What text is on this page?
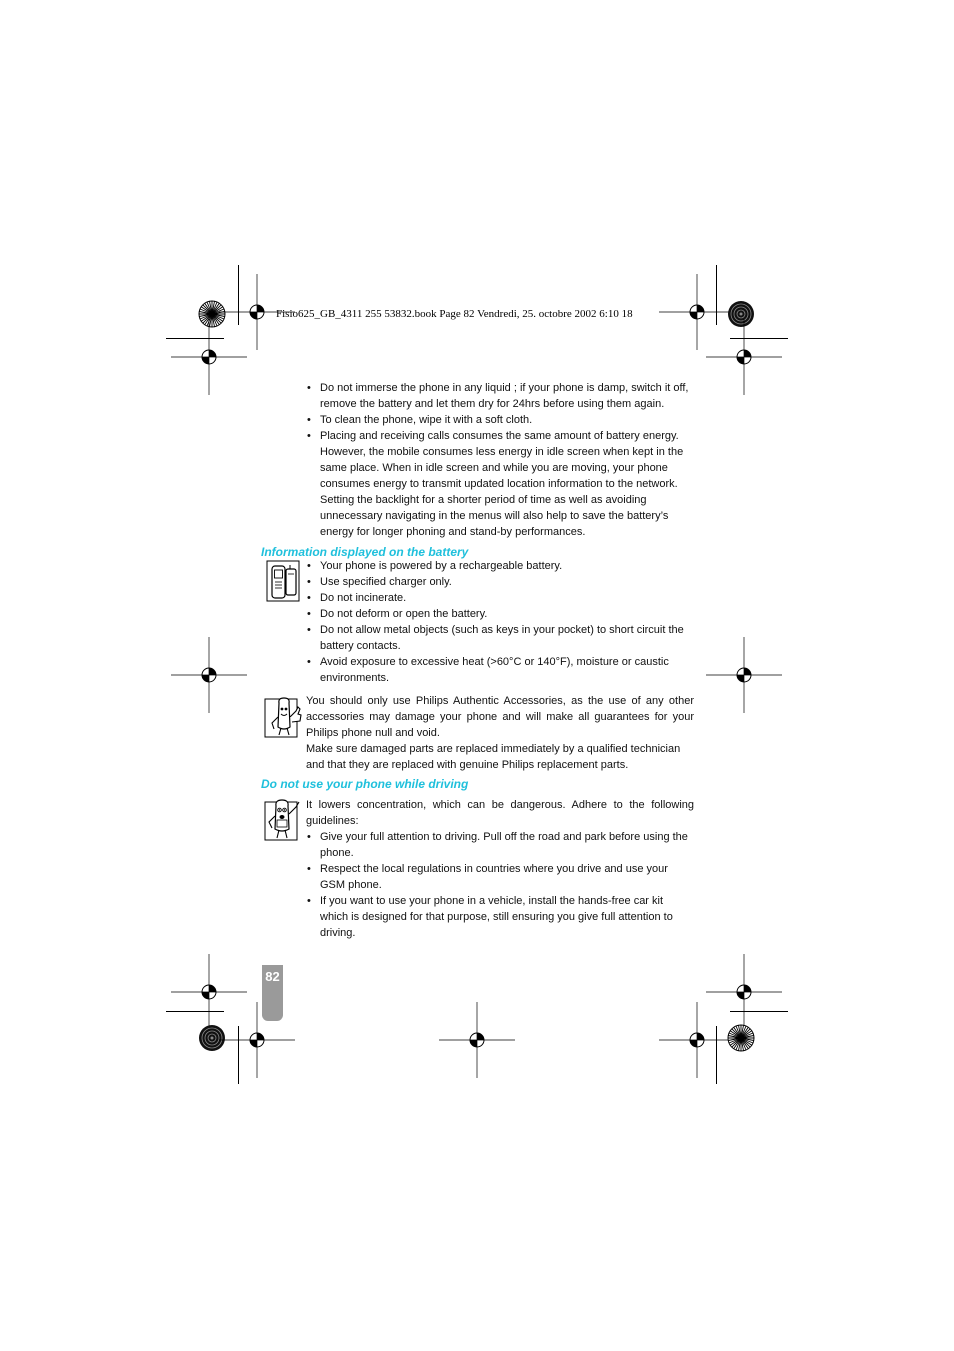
Fisio625_GB_4311 255 53832.book Page 82 Vendredi, 25. octobre 2002 6:10 18
• Do not immerse the phone in any liquid ; if your phone is damp, switch it off, remove the battery and let them dry for 24hrs before using them again.
• To clean the phone, wipe it with a soft cloth.
• Placing and receiving calls consumes the same amount of battery energy. However, the mobile consumes less energy in idle screen when kept in the same place. When in idle screen and while you are moving, your phone consumes energy to transmit updated location information to the network. Setting the backlight for a shorter period of time as well as avoiding unnecessary navigating in the menus will also help to save the battery’s energy for longer phoning and stand-by performances.
Information displayed on the battery
• Your phone is powered by a rechargeable battery.
• Use specified charger only.
• Do not incinerate.
• Do not deform or open the battery.
• Do not allow metal objects (such as keys in your pocket) to short circuit the battery contacts.
• Avoid exposure to excessive heat (>60°C or 140°F), moisture or caustic environments.

You should only use Philips Authentic Accessories, as the use of any other accessories may damage your phone and will make all guarantees for your Philips phone null and void.

Make sure damaged parts are replaced immediately by a qualified technician and that they are replaced with genuine Philips replacement parts.

Do not use your phone while driving

It lowers concentration, which can be dangerous. Adhere to the following guidelines:

• Give your full attention to driving. Pull off the road and park before using the phone.
• Respect the local regulations in countries where you drive and use your GSM phone.
• If you want to use your phone in a vehicle, install the hands-free car kit which is designed for that purpose, still ensuring you give full attention to driving.
82
